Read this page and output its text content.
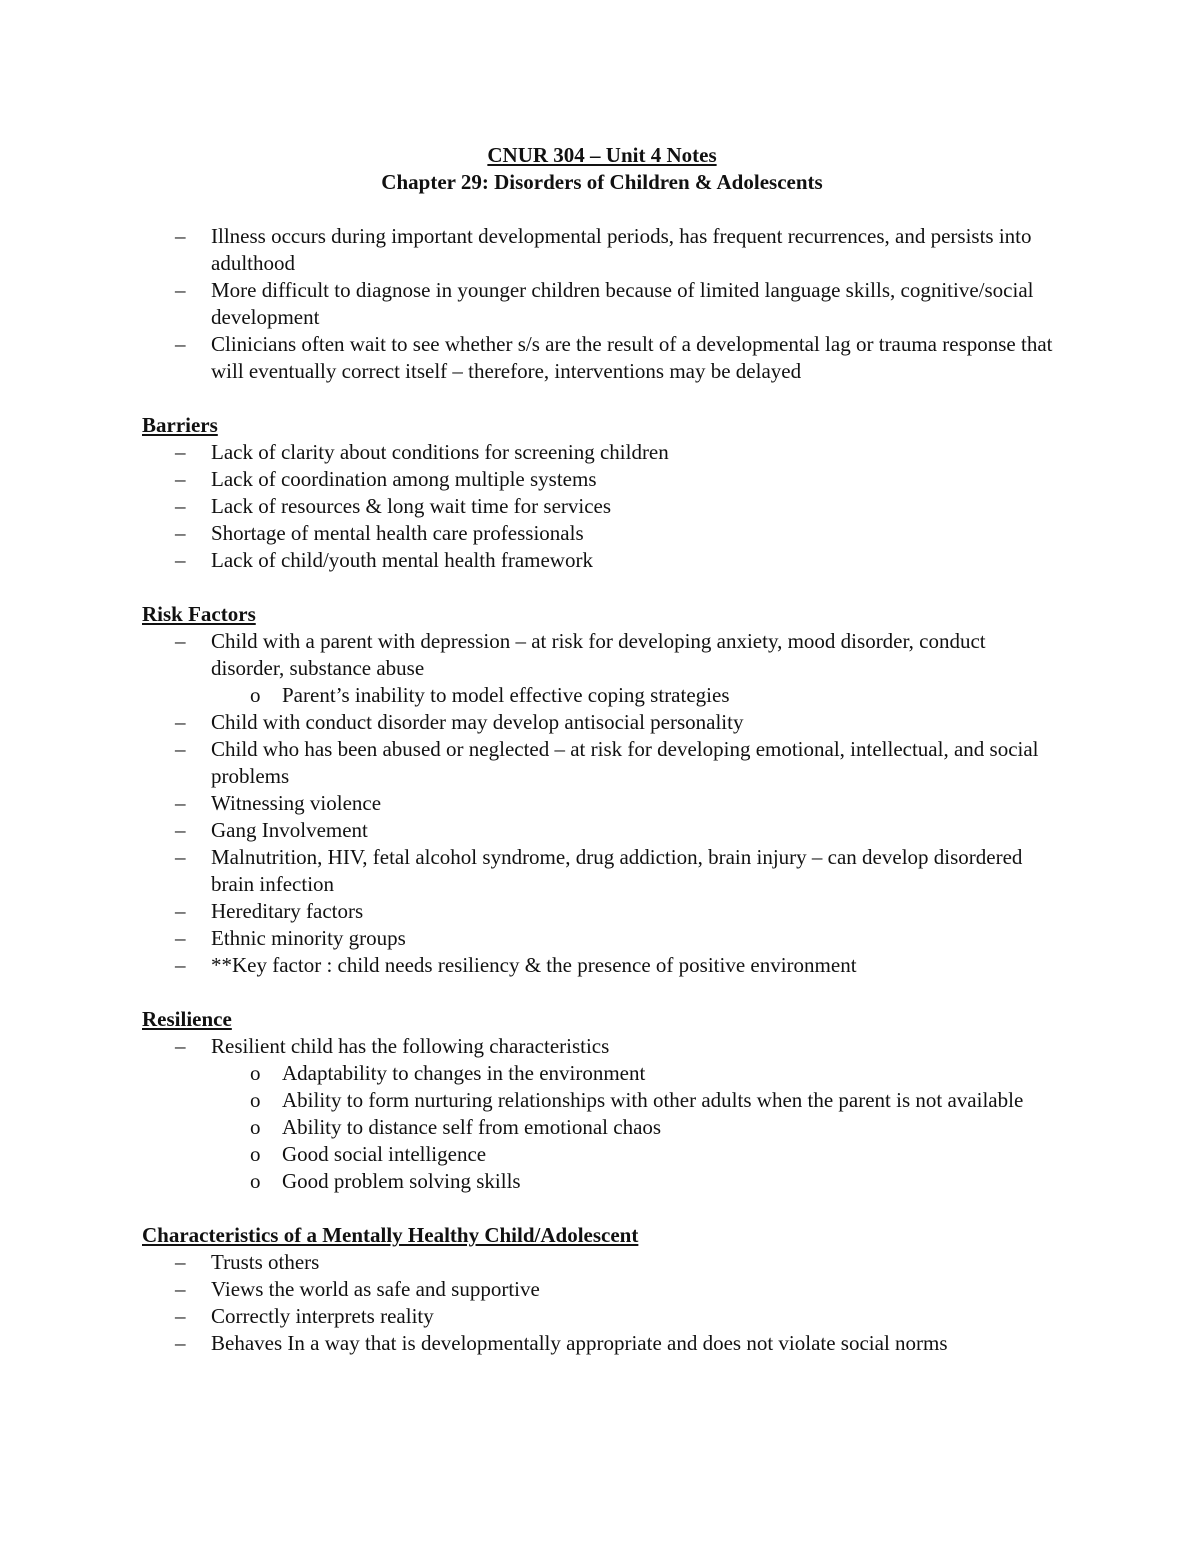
CNUR 304 – Unit 4 Notes

Chapter 29: Disorders of Children & Adolescents

– Illness occurs during important developmental periods, has frequent recurrences, and persists into adulthood
– More difficult to diagnose in younger children because of limited language skills, cognitive/social development
– Clinicians often wait to see whether s/s are the result of a developmental lag or trauma response that will eventually correct itself – therefore, interventions may be delayed

Barriers

– Lack of clarity about conditions for screening children
– Lack of coordination among multiple systems
– Lack of resources & long wait time for services
– Shortage of mental health care professionals
– Lack of child/youth mental health framework

Risk Factors

– Child with a parent with depression – at risk for developing anxiety, mood disorder, conduct disorder, substance abuse
o Parent’s inability to model effective coping strategies
– Child with conduct disorder may develop antisocial personality
– Child who has been abused or neglected – at risk for developing emotional, intellectual, and social problems
– Witnessing violence
– Gang Involvement
– Malnutrition, HIV, fetal alcohol syndrome, drug addiction, brain injury – can develop disordered brain infection
– Hereditary factors
– Ethnic minority groups
– **Key factor : child needs resiliency & the presence of positive environment

Resilience

– Resilient child has the following characteristics
o Adaptability to changes in the environment
o Ability to form nurturing relationships with other adults when the parent is not available
o Ability to distance self from emotional chaos
o Good social intelligence
o Good problem solving skills

Characteristics of a Mentally Healthy Child/Adolescent

– Trusts others
– Views the world as safe and supportive
– Correctly interprets reality
– Behaves In a way that is developmentally appropriate and does not violate social norms
